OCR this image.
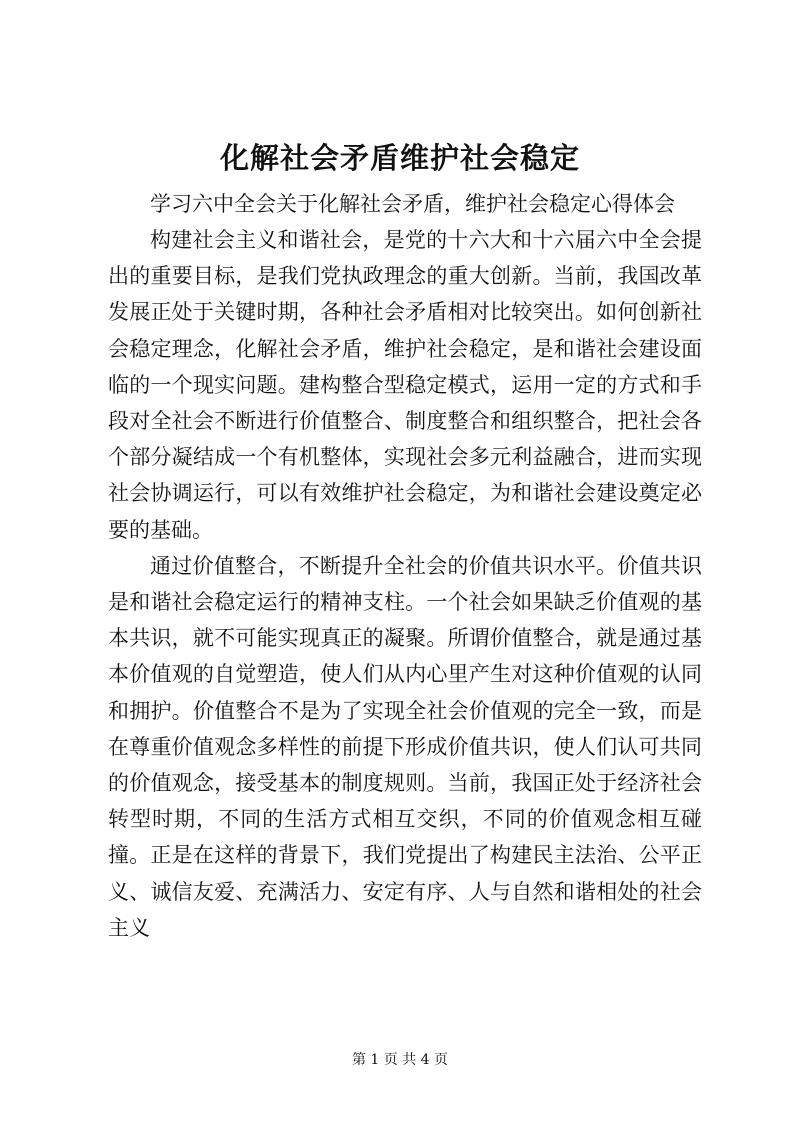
化解社会矛盾维护社会稳定

学习六中全会关于化解社会矛盾，维护社会稳定心得体会

构建社会主义和谐社会，是党的十六大和十六届六中全会提出的重要目标，是我们党执政理念的重大创新。当前，我国改革发展正处于关键时期，各种社会矛盾相对比较突出。如何创新社会稳定理念，化解社会矛盾，维护社会稳定，是和谐社会建设面临的一个现实问题。建构整合型稳定模式，运用一定的方式和手段对全社会不断进行价值整合、制度整合和组织整合，把社会各个部分凝结成一个有机整体，实现社会多元利益融合，进而实现社会协调运行，可以有效维护社会稳定，为和谐社会建设奠定必要的基础。

通过价值整合，不断提升全社会的价值共识水平。价值共识是和谐社会稳定运行的精神支柱。一个社会如果缺乏价值观的基本共识，就不可能实现真正的凝聚。所谓价值整合，就是通过基本价值观的自觉塑造，使人们从内心里产生对这种价值观的认同和拥护。价值整合不是为了实现全社会价值观的完全一致，而是在尊重价值观念多样性的前提下形成价值共识，使人们认可共同的价值观念，接受基本的制度规则。当前，我国正处于经济社会转型时期，不同的生活方式相互交织，不同的价值观念相互碰撞。正是在这样的背景下，我们党提出了构建民主法治、公平正义、诚信友爱、充满活力、安定有序、人与自然和谐相处的社会主义

第 1 页 共 4 页
